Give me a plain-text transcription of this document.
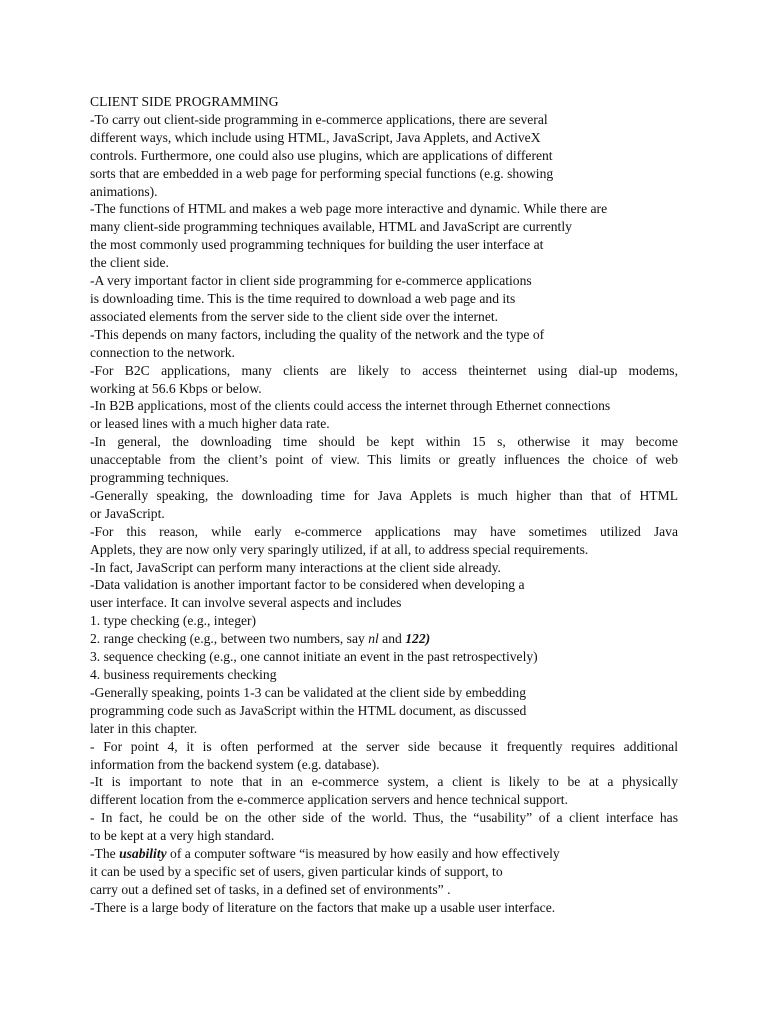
CLIENT SIDE PROGRAMMING
-To carry out client-side programming in e-commerce applications, there are several
different ways, which include using HTML, JavaScript, Java Applets, and ActiveX
controls. Furthermore, one could also use plugins, which are applications of different
sorts that are embedded in a web page for performing special functions (e.g. showing
animations).
-The functions of HTML and makes a web page more interactive and dynamic. While there are
many client-side programming techniques available, HTML and JavaScript are currently
the most commonly used programming techniques for building the user interface at
the client side.
-A very important factor in client side programming for e-commerce applications
is downloading time. This is the time required to download a web page and its
associated elements from the server side to the client side over the internet.
-This depends on many factors, including the quality of the network and the type of
connection to the network.
-For B2C applications, many clients are likely to access theinternet using dial-up modems,
working at 56.6 Kbps or below.
-In B2B applications, most of the clients could access the internet through Ethernet connections
or leased lines with a much higher data rate.
-In general, the downloading time should be kept within 15 s, otherwise it may become
unacceptable from the client’s point of view. This limits or greatly influences the choice of web
programming techniques.
-Generally speaking, the downloading time for Java Applets is much higher than that of HTML
or JavaScript.
-For this reason, while early e-commerce applications may have sometimes utilized Java
Applets, they are now only very sparingly utilized, if at all, to address special requirements.
-In fact, JavaScript can perform many interactions at the client side already.
-Data validation is another important factor to be considered when developing a
user interface. It can involve several aspects and includes
1. type checking (e.g., integer)
2. range checking (e.g., between two numbers, say nl and 122)
3. sequence checking (e.g., one cannot initiate an event in the past retrospectively)
4. business requirements checking
-Generally speaking, points 1-3 can be validated at the client side by embedding
programming code such as JavaScript within the HTML document, as discussed
later in this chapter.
- For point 4, it is often performed at the server side because it frequently requires additional
information from the backend system (e.g. database).
-It is important to note that in an e-commerce system, a client is likely to be at a physically
different location from the e-commerce application servers and hence technical support.
- In fact, he could be on the other side of the world. Thus, the “usability” of a client interface has
to be kept at a very high standard.
-The usability of a computer software “is measured by how easily and how effectively
it can be used by a specific set of users, given particular kinds of support, to
carry out a defined set of tasks, in a defined set of environments” .
-There is a large body of literature on the factors that make up a usable user interface.
